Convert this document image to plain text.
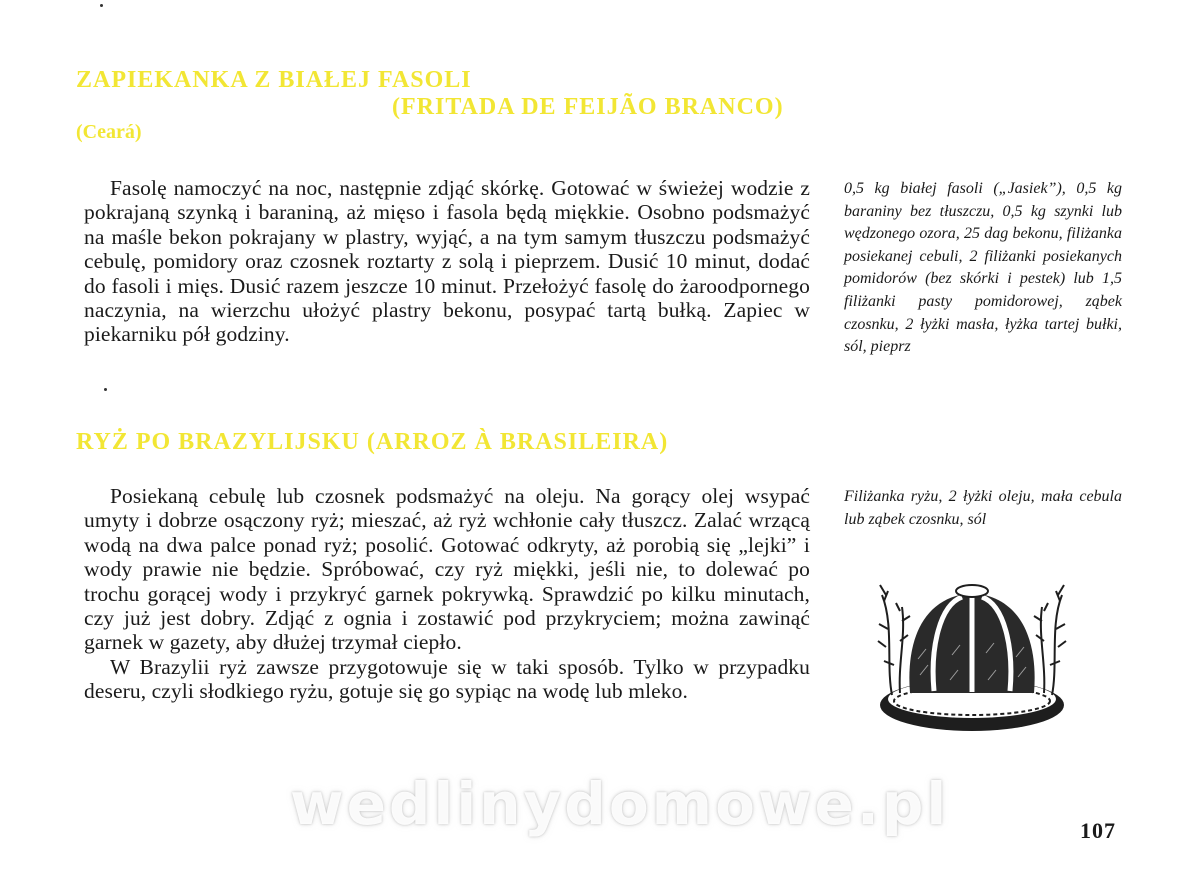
ZAPIEKANKA Z BIAŁEJ FASOLI
(FRITADA DE FEIJÃO BRANCO)
(Ceará)

Fasolę namoczyć na noc, następnie zdjąć skórkę. Gotować w świeżej wodzie z pokrajaną szynką i baraniną, aż mięso i fasola będą miękkie. Osobno podsmażyć na maśle bekon pokrajany w plastry, wyjąć, a na tym samym tłuszczu podsmażyć cebulę, pomidory oraz czosnek roztarty z solą i pieprzem. Dusić 10 minut, dodać do fasoli i mięs. Dusić razem jeszcze 10 minut. Przełożyć fasolę do żaroodpornego naczynia, na wierzchu ułożyć plastry bekonu, posypać tartą bułką. Zapiec w piekarniku pół godziny.

0,5 kg białej fasoli („Jasiek”), 0,5 kg baraniny bez tłuszczu, 0,5 kg szynki lub wędzonego ozora, 25 dag bekonu, filiżanka posiekanej cebuli, 2 filiżanki posiekanych pomidorów (bez skórki i pestek) lub 1,5 filiżanki pasty pomidorowej, ząbek czosnku, 2 łyżki masła, łyżka tartej bułki, sól, pieprz
RYŻ PO BRAZYLIJSKU (ARROZ À BRASILEIRA)

Posiekaną cebulę lub czosnek podsmażyć na oleju. Na gorący olej wsypać umyty i dobrze osączony ryż; mieszać, aż ryż wchłonie cały tłuszcz. Zalać wrzącą wodą na dwa palce ponad ryż; posolić. Gotować odkryty, aż porobią się „lejki” i wody prawie nie będzie. Spróbować, czy ryż miękki, jeśli nie, to dolewać po trochu gorącej wody i przykryć garnek pokrywką. Sprawdzić po kilku minutach, czy już jest dobry. Zdjąć z ognia i zostawić pod przykryciem; można zawinąć garnek w gazety, aby dłużej trzymał ciepło.

W Brazylii ryż zawsze przygotowuje się w taki sposób. Tylko w przypadku deseru, czyli słodkiego ryżu, gotuje się go sypiąc na wodę lub mleko.

Filiżanka ryżu, 2 łyżki oleju, mała cebula lub ząbek czosnku, sól
wedlinydomowe.pl	107
